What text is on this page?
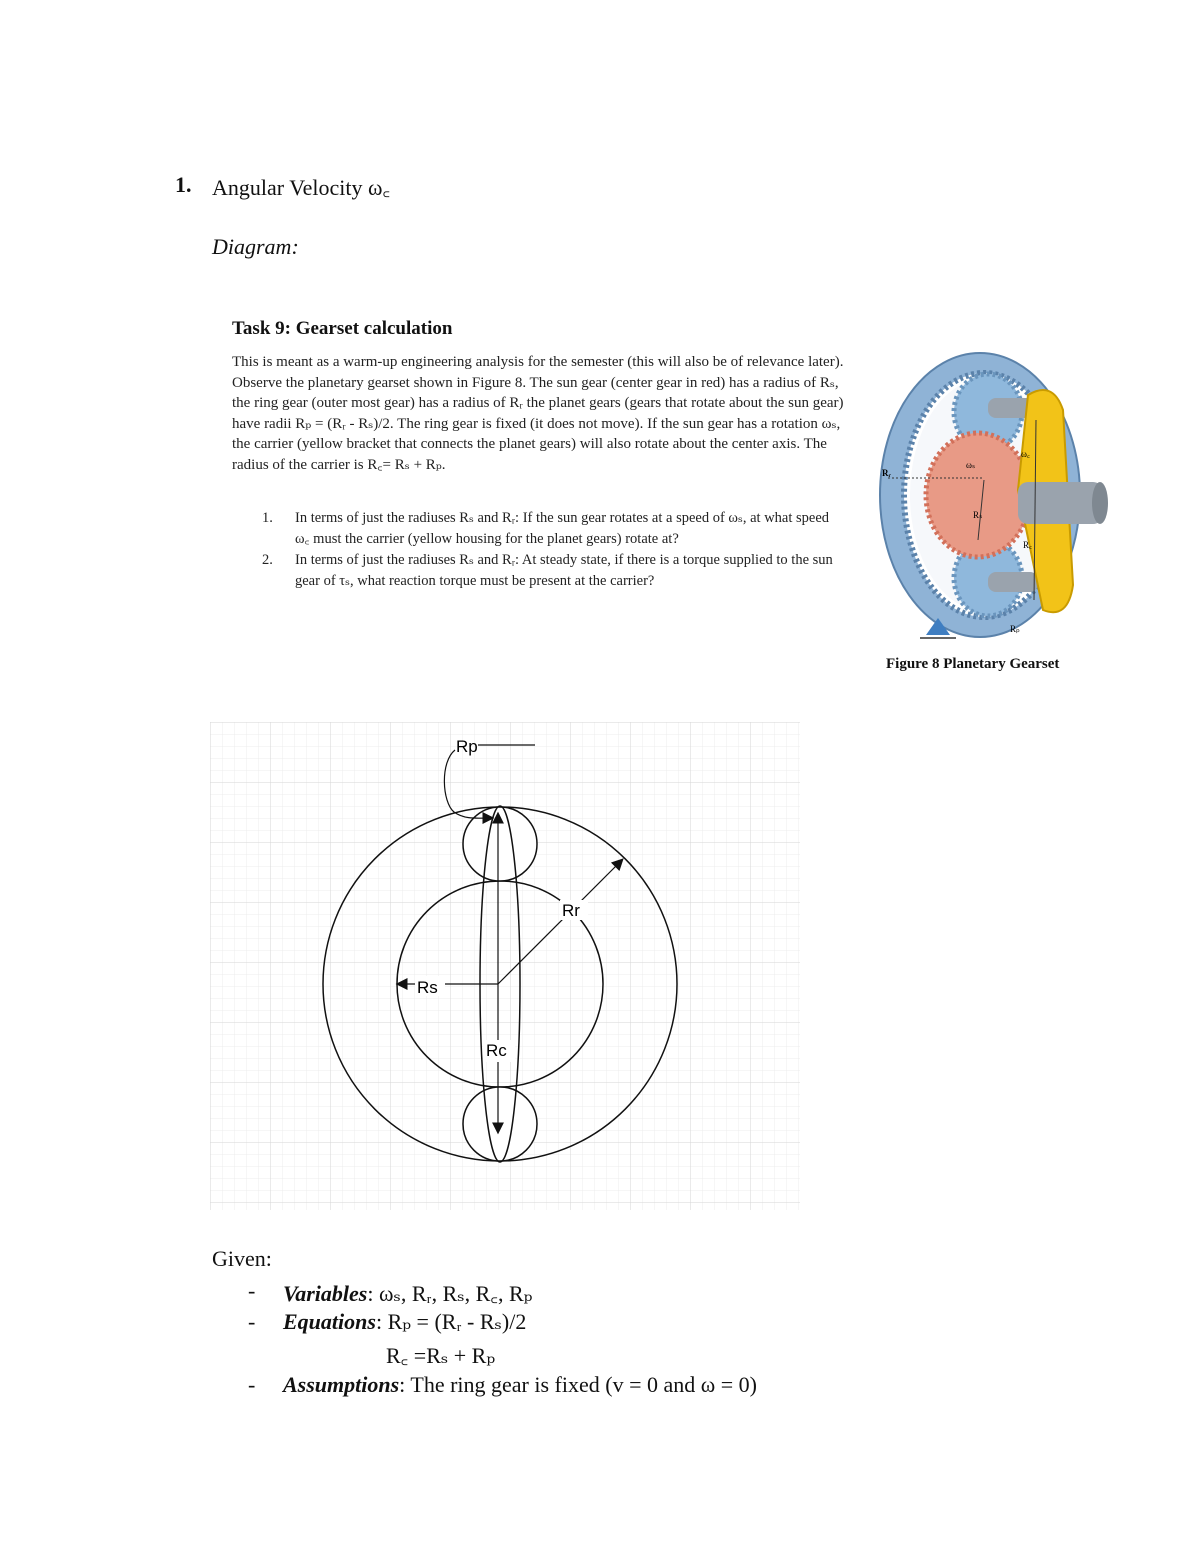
1. Angular Velocity ω꜀
Diagram:
Task 9: Gearset calculation
This is meant as a warm-up engineering analysis for the semester (this will also be of relevance later). Observe the planetary gearset shown in Figure 8. The sun gear (center gear in red) has a radius of Rₛ, the ring gear (outer most gear) has a radius of Rᵣ the planet gears (gears that rotate about the sun gear) have radii Rₚ = (Rᵣ - Rₛ)/2. The ring gear is fixed (it does not move). If the sun gear has a rotation ωₛ, the carrier (yellow bracket that connects the planet gears) will also rotate about the center axis. The radius of the carrier is R꜀= Rₛ + Rₚ.
1. In terms of just the radiuses Rₛ and Rᵣ: If the sun gear rotates at a speed of ωₛ, at what speed ω꜀ must the carrier (yellow housing for the planet gears) rotate at?
2. In terms of just the radiuses Rₛ and Rᵣ: At steady state, if there is a torque supplied to the sun gear of τₛ, what reaction torque must be present at the carrier?
Rᵣ
ωₛ
ω꜀
Rₛ
R꜀
Rₚ
Figure 8 Planetary Gearset
Rr
Rs
Rc
Rp
Given:
- Variables: ωₛ, Rᵣ, Rₛ, R꜀, Rₚ
- Equations: Rₚ = (Rᵣ - Rₛ)/2
R꜀ =Rₛ + Rₚ
- Assumptions: The ring gear is fixed (v = 0 and ω = 0)
